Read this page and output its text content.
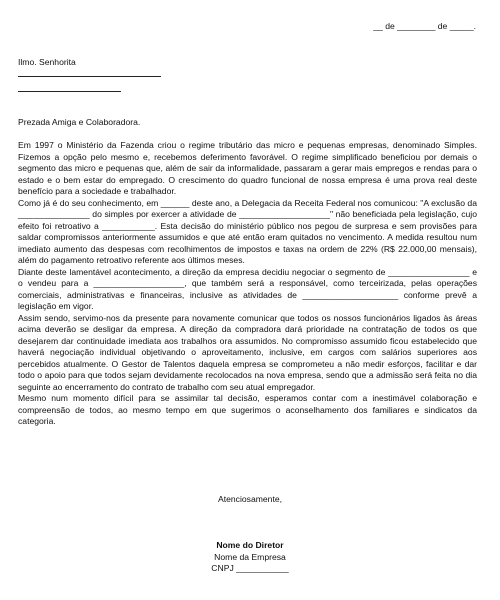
__ de ________ de _____.
Ilmo. Senhorita
Prezada Amiga e Colaboradora.

Em 1997 o Ministério da Fazenda criou o regime tributário das micro e pequenas empresas, denominado Simples. Fizemos a opção pelo mesmo e, recebemos deferimento favorável. O regime simplificado beneficiou por demais o segmento das micro e pequenas que, além de sair da informalidade, passaram a gerar mais empregos e rendas para o estado e o bem estar do empregado. O crescimento do quadro funcional de nossa empresa é uma prova real deste benefício para a sociedade e trabalhador.

Como já é do seu conhecimento, em ______ deste ano, a Delegacia da Receita Federal nos comunicou: "A exclusão da _______________ do simples por exercer a atividade de ___________________" não beneficiada pela legislação, cujo efeito foi retroativo a ___________. Esta decisão do ministério público nos pegou de surpresa e sem provisões para saldar compromissos anteriormente assumidos e que até então eram quitados no vencimento. A medida resultou num imediato aumento das despesas com recolhimentos de impostos e taxas na ordem de 22% (R$ 22.000,00 mensais), além do pagamento retroativo referente aos últimos meses.

Diante deste lamentável acontecimento, a direção da empresa decidiu negociar o segmento de _________________ e o vendeu para a ___________________, que também será a responsável, como terceirizada, pelas operações comerciais, administrativas e financeiras, inclusive as atividades de ____________________ conforme prevê a legislação em vigor.

Assim sendo, servimo-nos da presente para novamente comunicar que todos os nossos funcionários ligados às áreas acima deverão se desligar da empresa. A direção da compradora dará prioridade na contratação de todos os que desejarem dar continuidade imediata aos trabalhos ora assumidos. No compromisso assumido ficou estabelecido que haverá negociação individual objetivando o aproveitamento, inclusive, em cargos com salários superiores aos percebidos atualmente. O Gestor de Talentos daquela empresa se comprometeu a não medir esforços, facilitar e dar todo o apoio para que todos sejam devidamente recolocados na nova empresa, sendo que a admissão será feita no dia seguinte ao encerramento do contrato de trabalho com seu atual empregador.

Mesmo num momento difícil para se assimilar tal decisão, esperamos contar com a inestimável colaboração e compreensão de todos, ao mesmo tempo em que sugerimos o aconselhamento dos familiares e sindicatos da categoria.

Atenciosamente,
Nome do Diretor
Nome da Empresa
CNPJ ___________
